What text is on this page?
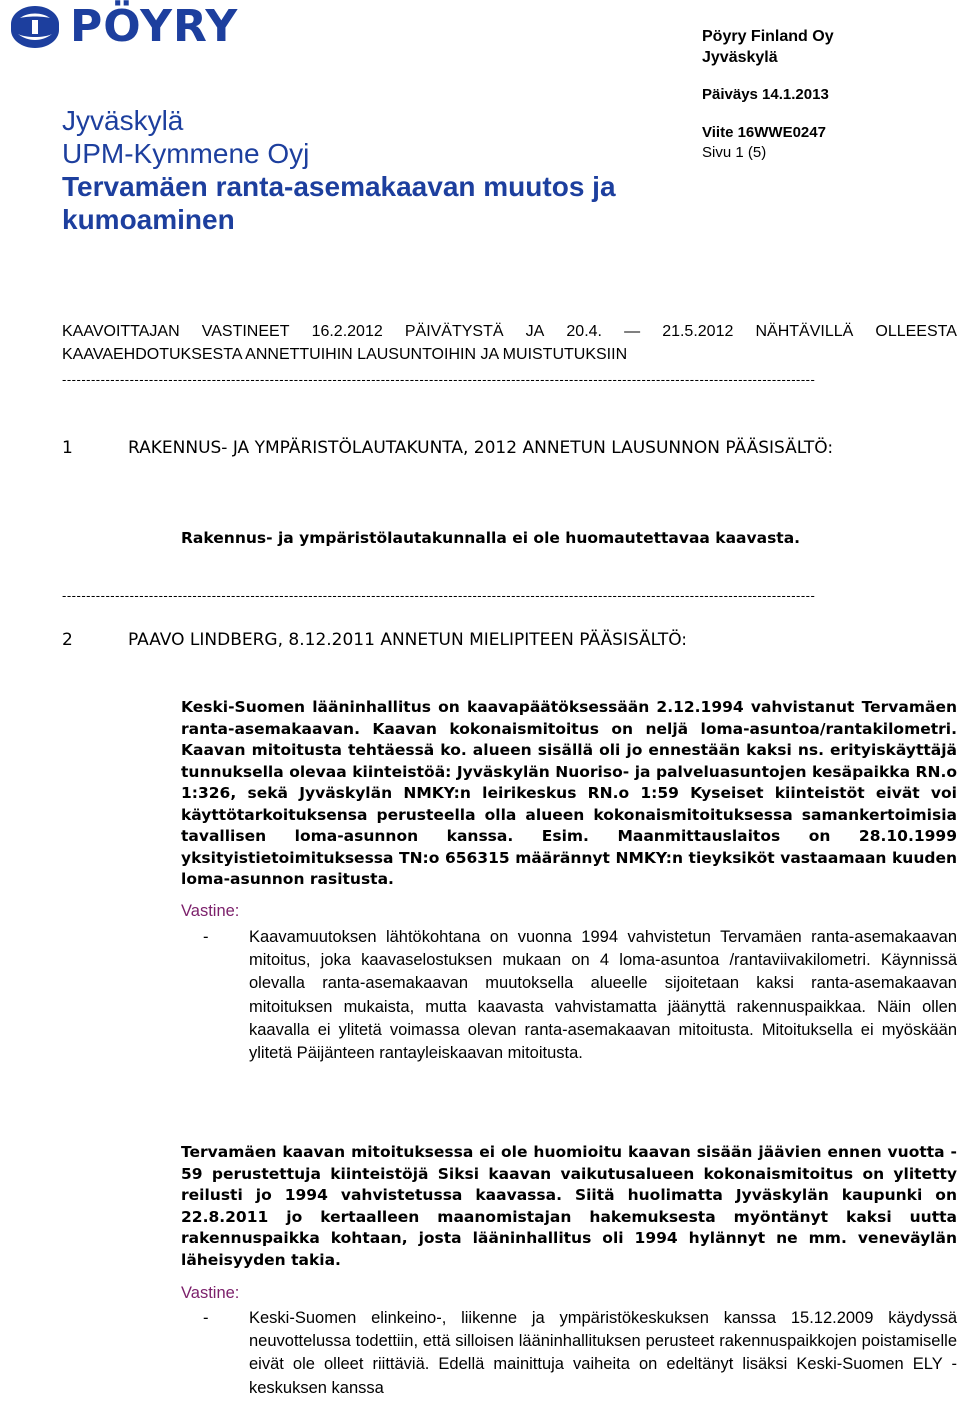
PÖYRY	Pöyry Finland Oy
Jyväskylä
Päiväys 14.1.2013
Viite 16WWE0247
Sivu 1 (5)
Jyväskylä
UPM-Kymmene Oyj
Tervamäen ranta-asemakaavan muutos ja
kumoaminen
KAAVOITTAJAN VASTINEET 16.2.2012 PÄIVÄTYSTÄ JA 20.4. — 21.5.2012 NÄHTÄVILLÄ OLLEESTA
KAAVAEHDOTUKSESTA ANNETTUIHIN LAUSUNTOIHIN JA MUISTUTUKSIIN
------------------------------------------------------------------------------------------------------------------------------------------------------------
1	RAKENNUS- JA YMPÄRISTÖLAUTAKUNTA, 2012 ANNETUN LAUSUNNON PÄÄSISÄLTÖ:
Rakennus- ja ympäristölautakunnalla ei ole huomautettavaa kaavasta.
------------------------------------------------------------------------------------------------------------------------------------------------------------
2	PAAVO LINDBERG, 8.12.2011 ANNETUN MIELIPITEEN PÄÄSISÄLTÖ:
Keski-Suomen lääninhallitus on kaavapäätöksessään 2.12.1994 vahvistanut Tervamäen ranta-asemakaavan. Kaavan kokonaismitoitus on neljä loma-asuntoa/rantakilometri. Kaavan mitoitusta tehtäessä ko. alueen sisällä oli jo ennestään kaksi ns. erityiskäyttäjä tunnuksella olevaa kiinteistöä: Jyväskylän Nuoriso- ja palveluasuntojen kesäpaikka RN.o 1:326, sekä Jyväskylän NMKY:n leirikeskus RN.o 1:59 Kyseiset kiinteistöt eivät voi käyttötarkoituksensa perusteella olla alueen kokonaismitoituksessa samankertoimisia tavallisen loma-asunnon kanssa. Esim. Maanmittauslaitos on 28.10.1999 yksityistietoimituksessa TN:o 656315 määrännyt NMKY:n tieyksiköt vastaamaan kuuden loma-asunnon rasitusta.
Vastine:
- Kaavamuutoksen lähtökohtana on vuonna 1994 vahvistetun Tervamäen ranta-asemakaavan mitoitus, joka kaavaselostuksen mukaan on 4 loma-asuntoa /rantaviivakilometri. Käynnissä olevalla ranta-asemakaavan muutoksella alueelle sijoitetaan kaksi ranta-asemakaavan mitoituksen mukaista, mutta kaavasta vahvistamatta jäänyttä rakennuspaikkaa. Näin ollen kaavalla ei ylitetä voimassa olevan ranta-asemakaavan mitoitusta. Mitoituksella ei myöskään ylitetä Päijänteen rantayleiskaavan mitoitusta.
Tervamäen kaavan mitoituksessa ei ole huomioitu kaavan sisään jäävien ennen vuotta - 59 perustettuja kiinteistöjä Siksi kaavan vaikutusalueen kokonaismitoitus on ylitetty reilusti jo 1994 vahvistetussa kaavassa. Siitä huolimatta Jyväskylän kaupunki on 22.8.2011 jo kertaalleen maanomistajan hakemuksesta myöntänyt kaksi uutta rakennuspaikka kohtaan, josta lääninhallitus oli 1994 hylännyt ne mm. veneväylän läheisyyden takia.
Vastine:
- Keski-Suomen elinkeino-, liikenne ja ympäristökeskuksen kanssa 15.12.2009 käydyssä neuvottelussa todettiin, että silloisen lääninhallituksen perusteet rakennuspaikkojen poistamiselle eivät ole olleet riittäviä. Edellä mainittuja vaiheita on edeltänyt lisäksi Keski-Suomen ELY -keskuksen kanssa
